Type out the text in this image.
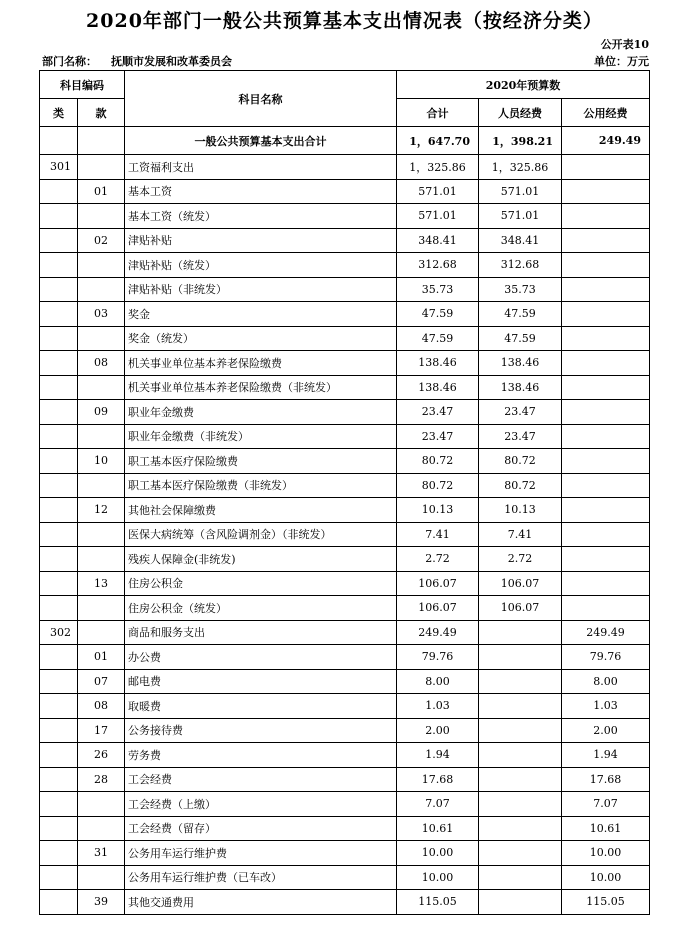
2020年部门一般公共预算基本支出情况表（按经济分类）
公开表10
部门名称： 抚顺市发展和改革委员会	单位：万元
科目编码		科目名称	2020年预算数		
类	款		合计	人员经费	公用经费
		一般公共预算基本支出合计	1，647.70	1，398.21	249.49
301		工资福利支出	1，325.86	1，325.86	
	01	基本工资	571.01	571.01	
		基本工资（统发）	571.01	571.01	
	02	津贴补贴	348.41	348.41	
		津贴补贴（统发）	312.68	312.68	
		津贴补贴（非统发）	35.73	35.73	
	03	奖金	47.59	47.59	
		奖金（统发）	47.59	47.59	
	08	机关事业单位基本养老保险缴费	138.46	138.46	
		机关事业单位基本养老保险缴费（非统发）	138.46	138.46	
	09	职业年金缴费	23.47	23.47	
		职业年金缴费（非统发）	23.47	23.47	
	10	职工基本医疗保险缴费	80.72	80.72	
		职工基本医疗保险缴费（非统发）	80.72	80.72	
	12	其他社会保障缴费	10.13	10.13	
		医保大病统筹（含风险调剂金）（非统发）	7.41	7.41	
		残疾人保障金(非统发)	2.72	2.72	
	13	住房公积金	106.07	106.07	
		住房公积金（统发）	106.07	106.07	
302		商品和服务支出	249.49		249.49
	01	办公费	79.76		79.76
	07	邮电费	8.00		8.00
	08	取暖费	1.03		1.03
	17	公务接待费	2.00		2.00
	26	劳务费	1.94		1.94
	28	工会经费	17.68		17.68
		工会经费（上缴）	7.07		7.07
		工会经费（留存）	10.61		10.61
	31	公务用车运行维护费	10.00		10.00
		公务用车运行维护费（已车改）	10.00		10.00
	39	其他交通费用	115.05		115.05
